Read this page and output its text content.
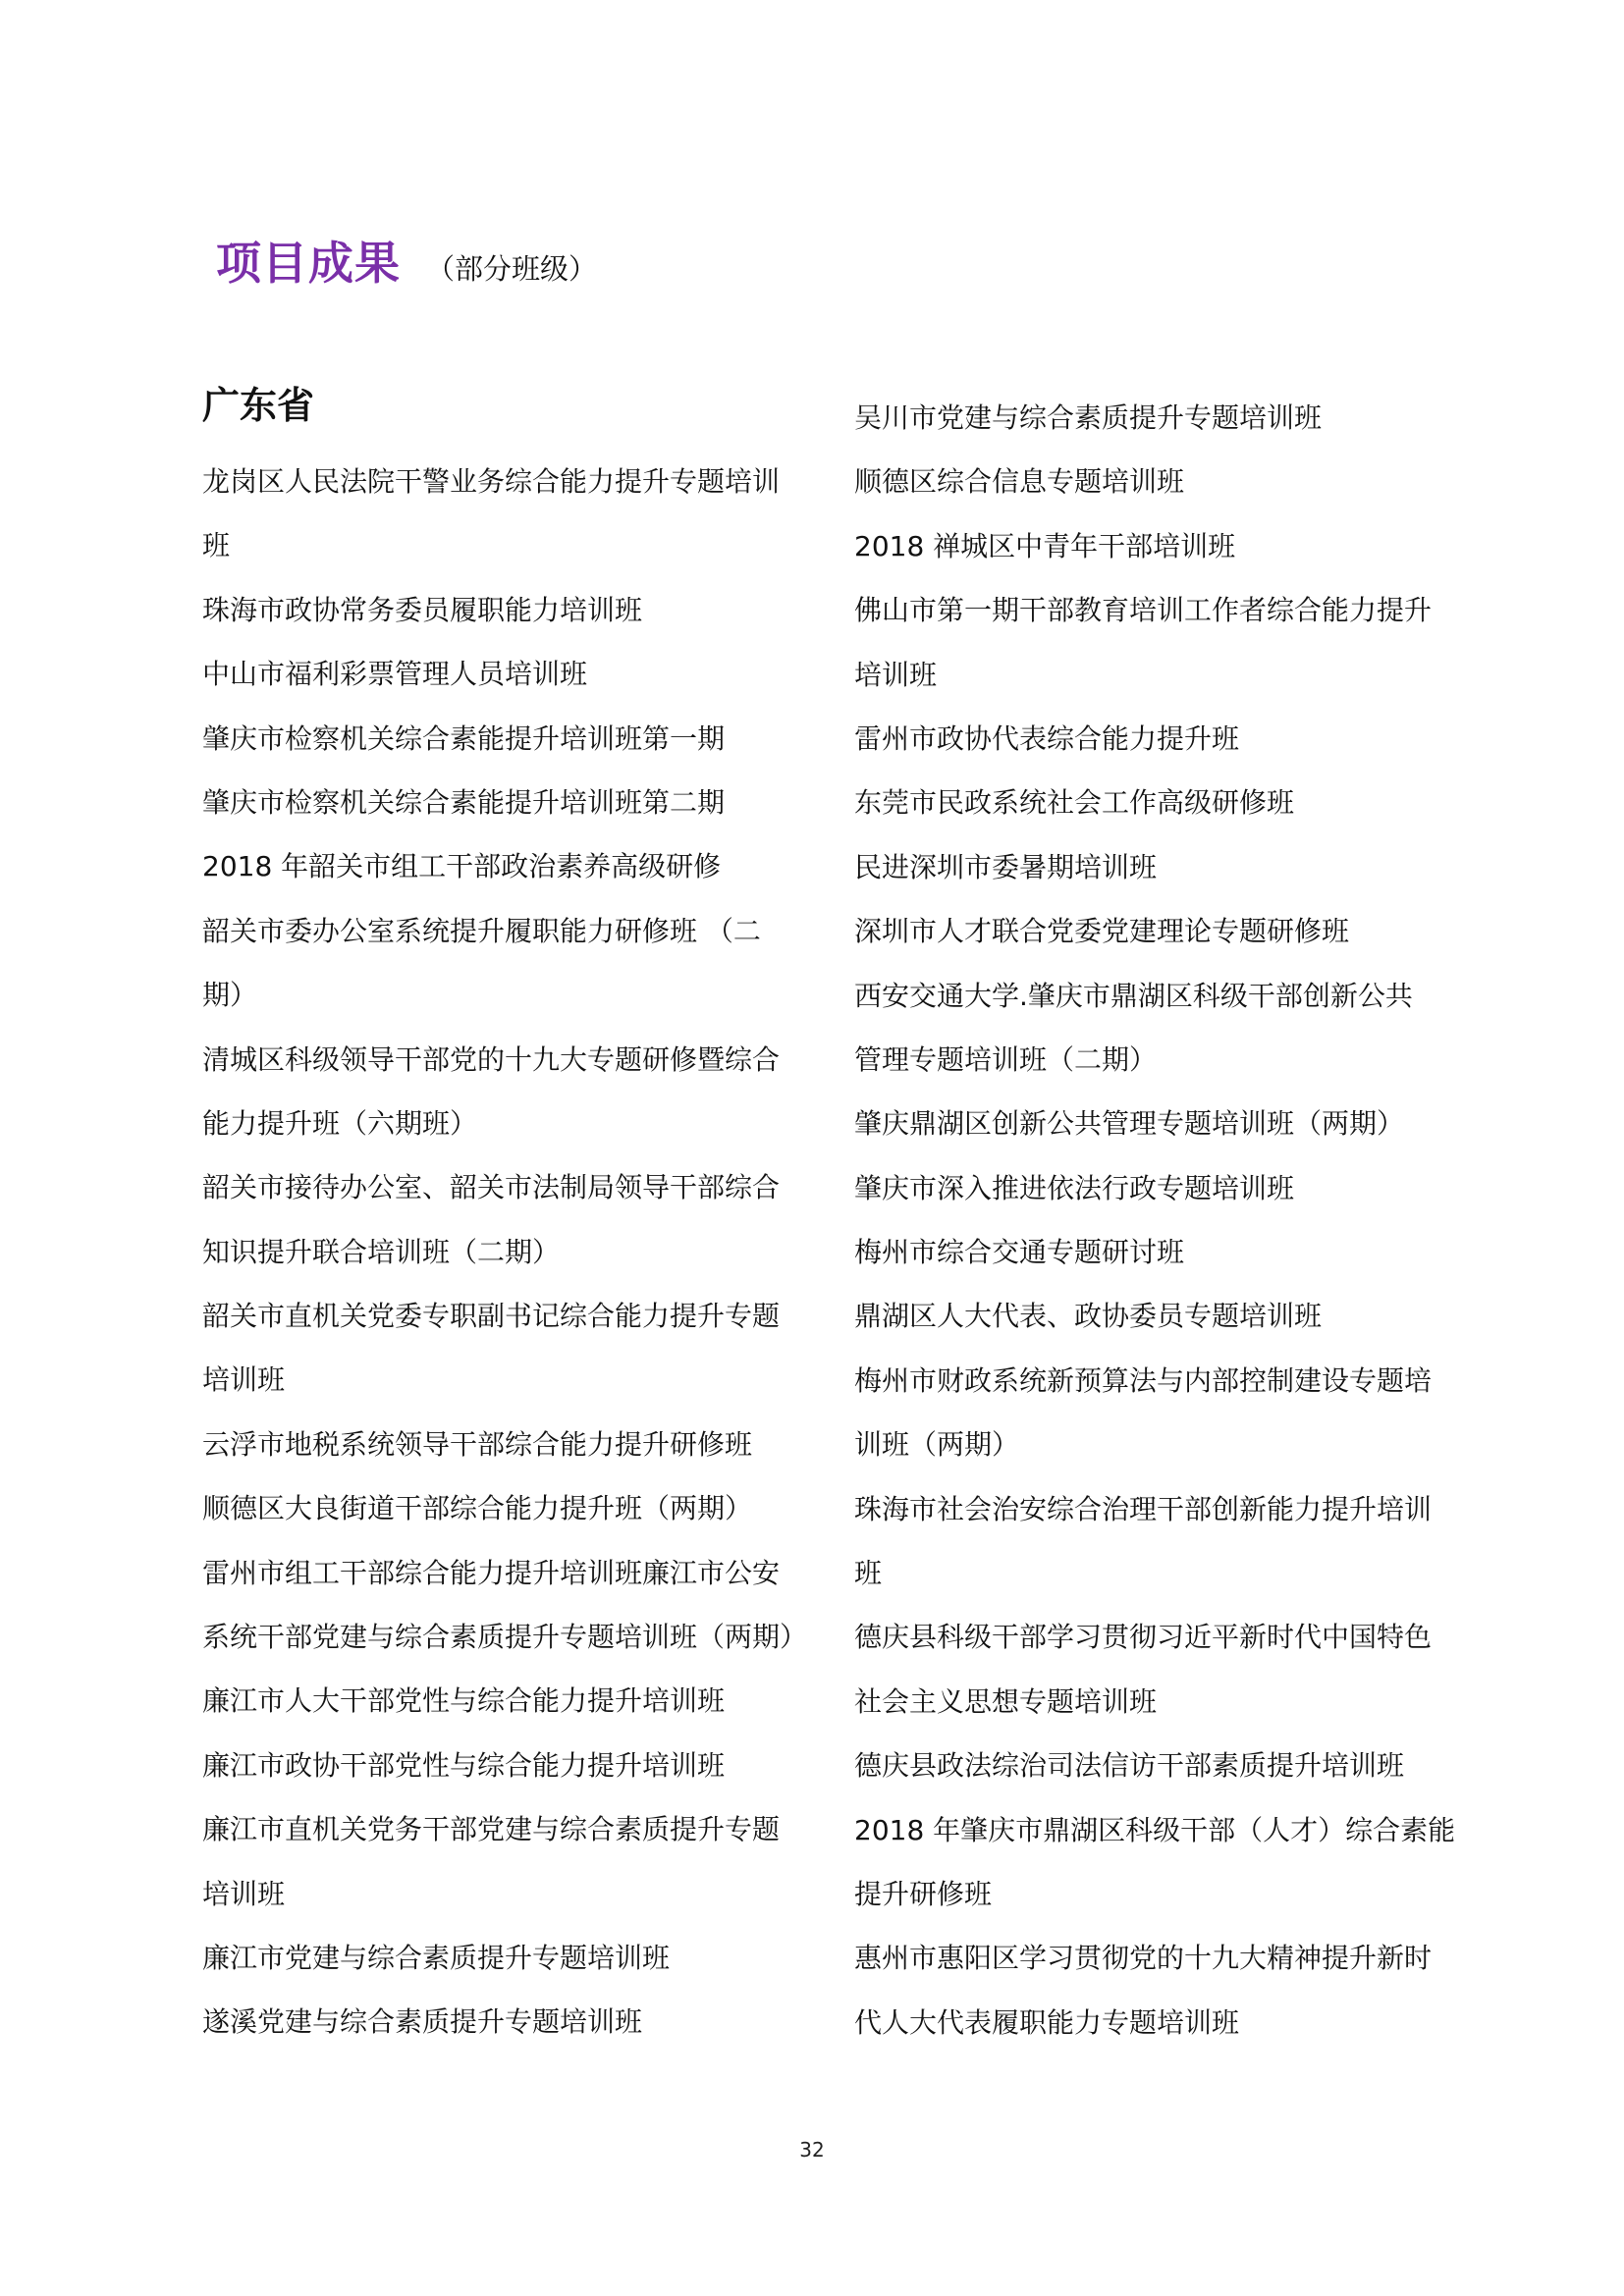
项目成果 （部分班级）
广东省
龙岗区人民法院干警业务综合能力提升专题培训
班
珠海市政协常务委员履职能力培训班
中山市福利彩票管理人员培训班
肇庆市检察机关综合素能提升培训班第一期
肇庆市检察机关综合素能提升培训班第二期
2018 年韶关市组工干部政治素养高级研修
韶关市委办公室系统提升履职能力研修班 （二
期）
清城区科级领导干部党的十九大专题研修暨综合
能力提升班（六期班）
韶关市接待办公室、韶关市法制局领导干部综合
知识提升联合培训班（二期）
韶关市直机关党委专职副书记综合能力提升专题
培训班
云浮市地税系统领导干部综合能力提升研修班
顺德区大良街道干部综合能力提升班（两期）
雷州市组工干部综合能力提升培训班廉江市公安
系统干部党建与综合素质提升专题培训班（两期）
廉江市人大干部党性与综合能力提升培训班
廉江市政协干部党性与综合能力提升培训班
廉江市直机关党务干部党建与综合素质提升专题
培训班
廉江市党建与综合素质提升专题培训班
遂溪党建与综合素质提升专题培训班
吴川市党建与综合素质提升专题培训班
顺德区综合信息专题培训班
2018 禅城区中青年干部培训班
佛山市第一期干部教育培训工作者综合能力提升
培训班
雷州市政协代表综合能力提升班
东莞市民政系统社会工作高级研修班
民进深圳市委暑期培训班
深圳市人才联合党委党建理论专题研修班
西安交通大学.肇庆市鼎湖区科级干部创新公共
管理专题培训班（二期）
肇庆鼎湖区创新公共管理专题培训班（两期）
肇庆市深入推进依法行政专题培训班
梅州市综合交通专题研讨班
鼎湖区人大代表、政协委员专题培训班
梅州市财政系统新预算法与内部控制建设专题培
训班（两期）
珠海市社会治安综合治理干部创新能力提升培训
班
德庆县科级干部学习贯彻习近平新时代中国特色
社会主义思想专题培训班
德庆县政法综治司法信访干部素质提升培训班
2018 年肇庆市鼎湖区科级干部（人才）综合素能
提升研修班
惠州市惠阳区学习贯彻党的十九大精神提升新时
代人大代表履职能力专题培训班
32
